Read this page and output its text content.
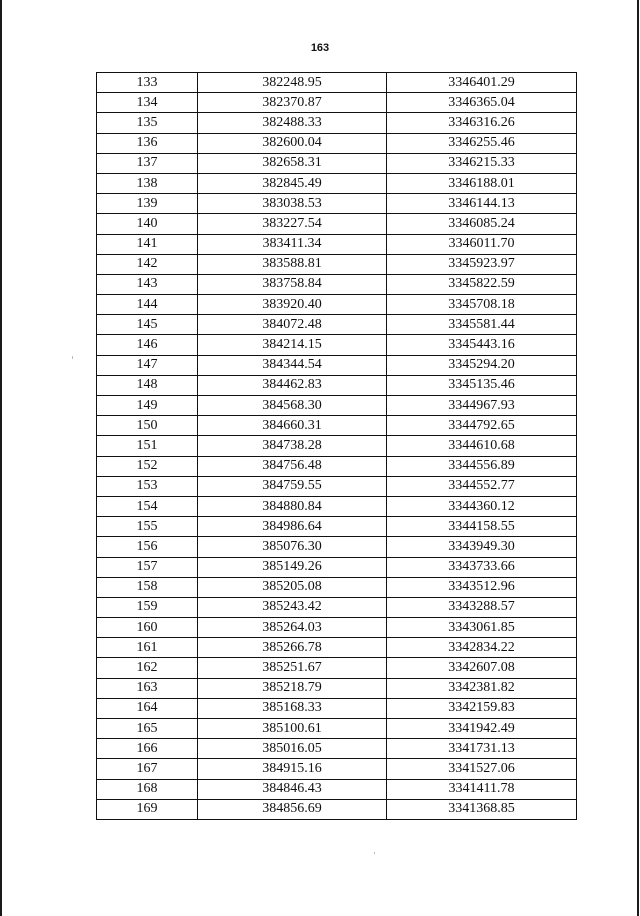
163
133	382248.95	3346401.29
134	382370.87	3346365.04
135	382488.33	3346316.26
136	382600.04	3346255.46
137	382658.31	3346215.33
138	382845.49	3346188.01
139	383038.53	3346144.13
140	383227.54	3346085.24
141	383411.34	3346011.70
142	383588.81	3345923.97
143	383758.84	3345822.59
144	383920.40	3345708.18
145	384072.48	3345581.44
146	384214.15	3345443.16
147	384344.54	3345294.20
148	384462.83	3345135.46
149	384568.30	3344967.93
150	384660.31	3344792.65
151	384738.28	3344610.68
152	384756.48	3344556.89
153	384759.55	3344552.77
154	384880.84	3344360.12
155	384986.64	3344158.55
156	385076.30	3343949.30
157	385149.26	3343733.66
158	385205.08	3343512.96
159	385243.42	3343288.57
160	385264.03	3343061.85
161	385266.78	3342834.22
162	385251.67	3342607.08
163	385218.79	3342381.82
164	385168.33	3342159.83
165	385100.61	3341942.49
166	385016.05	3341731.13
167	384915.16	3341527.06
168	384846.43	3341411.78
169	384856.69	3341368.85
